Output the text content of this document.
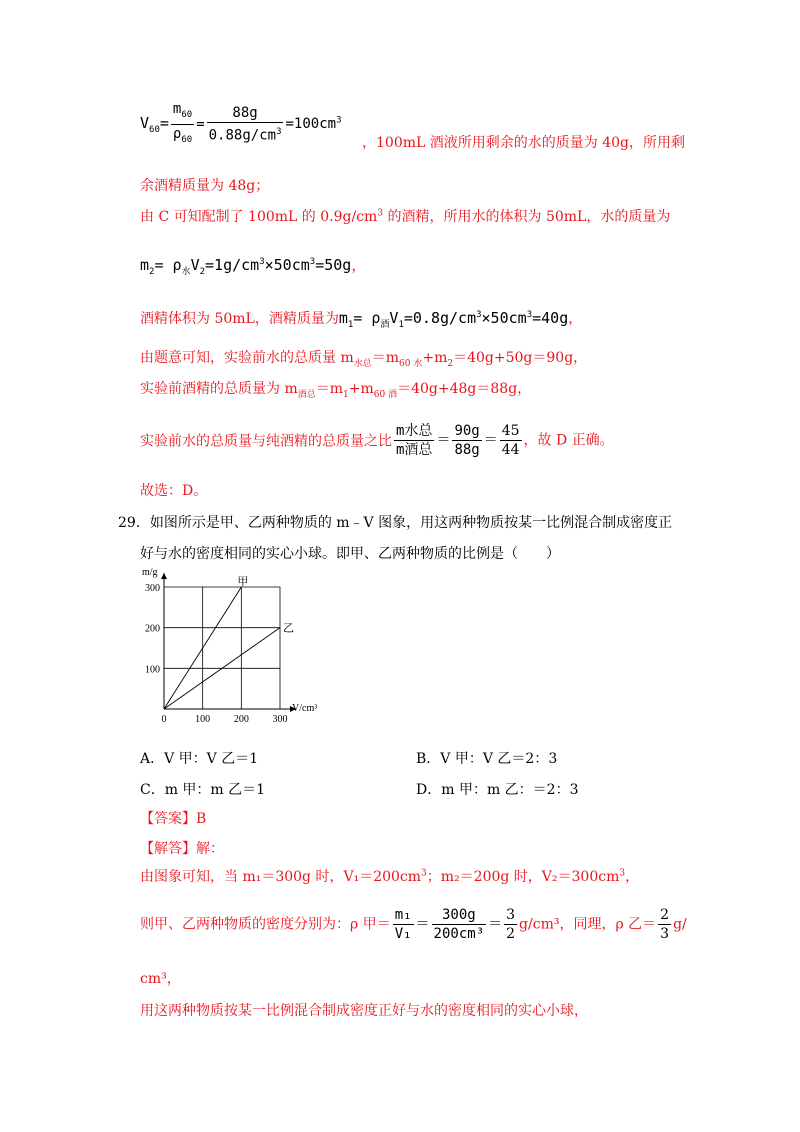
$V_{60}= \frac{m_{60}}{\rho_{60}} = \frac{88g}{0.88g/cm^3} =100cm^3$
，100mL 酒液所用剩余的水的质量为 40g，所用剩
余酒精质量为 48g；
由 C 可知配制了 100mL 的 $0.9g/cm^3$ 的酒精，所用水的体积为 50mL，水的质量为
$m_2= \rho_水V_2=1g/cm^3\times 50cm^3=50g$，
酒精体积为 50mL，酒精质量为$m_1= \rho_酒V_1=0.8g/cm^3\times 50cm^3=40g$，
由题意可知，实验前水的总质量 $m_{水总}=m_{60 水}+m_2=40g+50g=90g$，
实验前酒精的总质量为 $m_{酒总}=m_1+m_{60 酒}=40g+48g=88g$，
实验前水的总质量与纯酒精的总质量之比 $\frac{\text{m水总}}{\text{m酒总}} = \frac{90g}{88g} = \frac{45}{44}$ ，故 D 正确。
故选：D。
29．如图所示是甲、乙两种物质的 m﹣V 图象，用这两种物质按某一比例混合制成密度正
好与水的密度相同的实心小球。即甲、乙两种物质的比例是（　　）
0	100 200 300
100
200
300
m/g
V/cm³
甲
乙
A．V 甲：V 乙＝1	B．V 甲：V 乙＝2：3
C．m 甲：m 乙＝1	D．m 甲：m 乙：＝2：3
【答案】B
【解答】解：
由图象可知，当 m₁＝300g 时，$V_1=200cm^3$；m₂＝200g 时，$V_2=300cm^3$，
则甲、乙两种物质的密度分别为：ρ 甲＝ $\frac{\text{m₁}}{\text{V₁}} = \frac{300g}{\text{200cm³}} = \frac{3}{2} g/cm^3$，同理，ρ 乙＝ $\frac{2}{3} g/$
cm³，
用这两种物质按某一比例混合制成密度正好与水的密度相同的实心小球，
